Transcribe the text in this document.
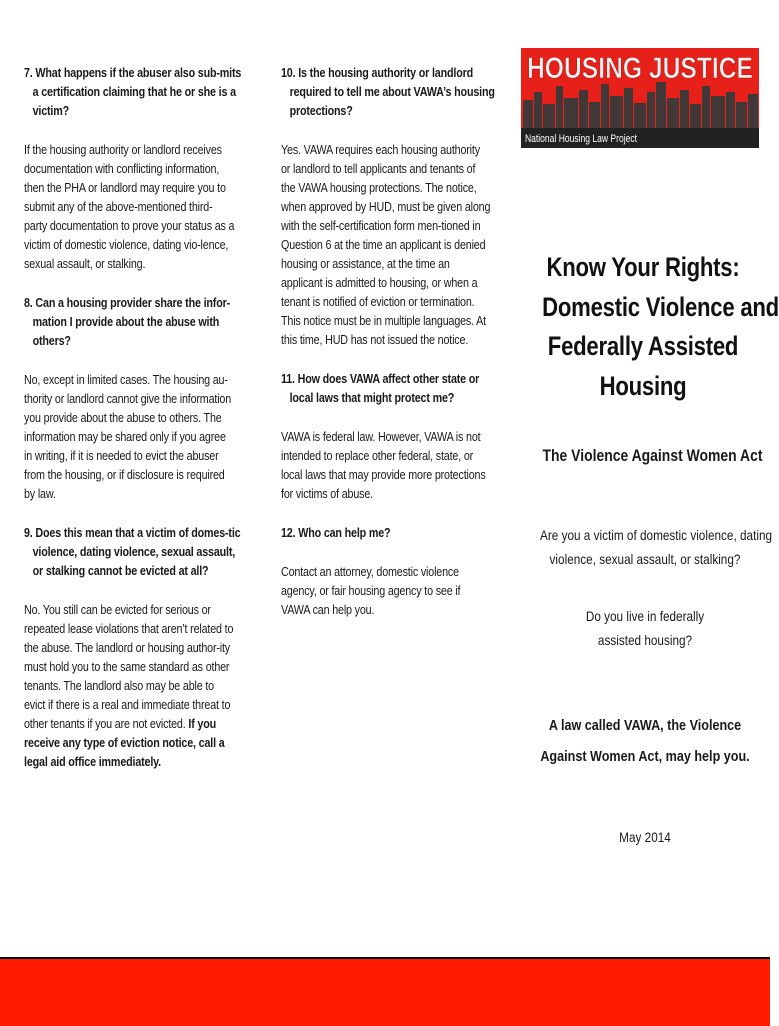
7. What happens if the abuser also sub-mits a certification claiming that he or she is a victim?

If the housing authority or landlord receives documentation with conflicting information, then the PHA or landlord may require you to submit any of the above-mentioned third-party documentation to prove your status as a victim of domestic violence, dating vio-lence, sexual assault, or stalking.

8. Can a housing provider share the infor-mation I provide about the abuse with others?

No, except in limited cases. The housing au-thority or landlord cannot give the information you provide about the abuse to others. The information may be shared only if you agree in writing, if it is needed to evict the abuser from the housing, or if disclosure is required by law.

9. Does this mean that a victim of domes-tic violence, dating violence, sexual assault, or stalking cannot be evicted at all?

No. You still can be evicted for serious or repeated lease violations that aren’t related to the abuse. The landlord or housing author-ity must hold you to the same standard as other tenants. The landlord also may be able to evict if there is a real and immediate threat to other tenants if you are not evicted. If you receive any type of eviction notice, call a legal aid office immediately.

10. Is the housing authority or landlord required to tell me about VAWA’s housing protections?

Yes. VAWA requires each housing authority or landlord to tell applicants and tenants of the VAWA housing protections. The notice, when approved by HUD, must be given along with the self-certification form men-tioned in Question 6 at the time an applicant is denied housing or assistance, at the time an applicant is admitted to housing, or when a tenant is notified of eviction or termination. This notice must be in multiple languages. At this time, HUD has not issued the notice.

11. How does VAWA affect other state or local laws that might protect me?

VAWA is federal law. However, VAWA is not intended to replace other federal, state, or local laws that may provide more protections for victims of abuse.

12. Who can help me?

Contact an attorney, domestic violence agency, or fair housing agency to see if VAWA can help you.

HOUSING JUSTICE
National Housing Law Project
Know Your Rights:
Domestic Violence and
Federally Assisted
Housing
The Violence Against Women Act
Are you a victim of domestic violence, dating
violence, sexual assault, or stalking?
Do you live in federally
assisted housing?
A law called VAWA, the Violence
Against Women Act, may help you.
May 2014
